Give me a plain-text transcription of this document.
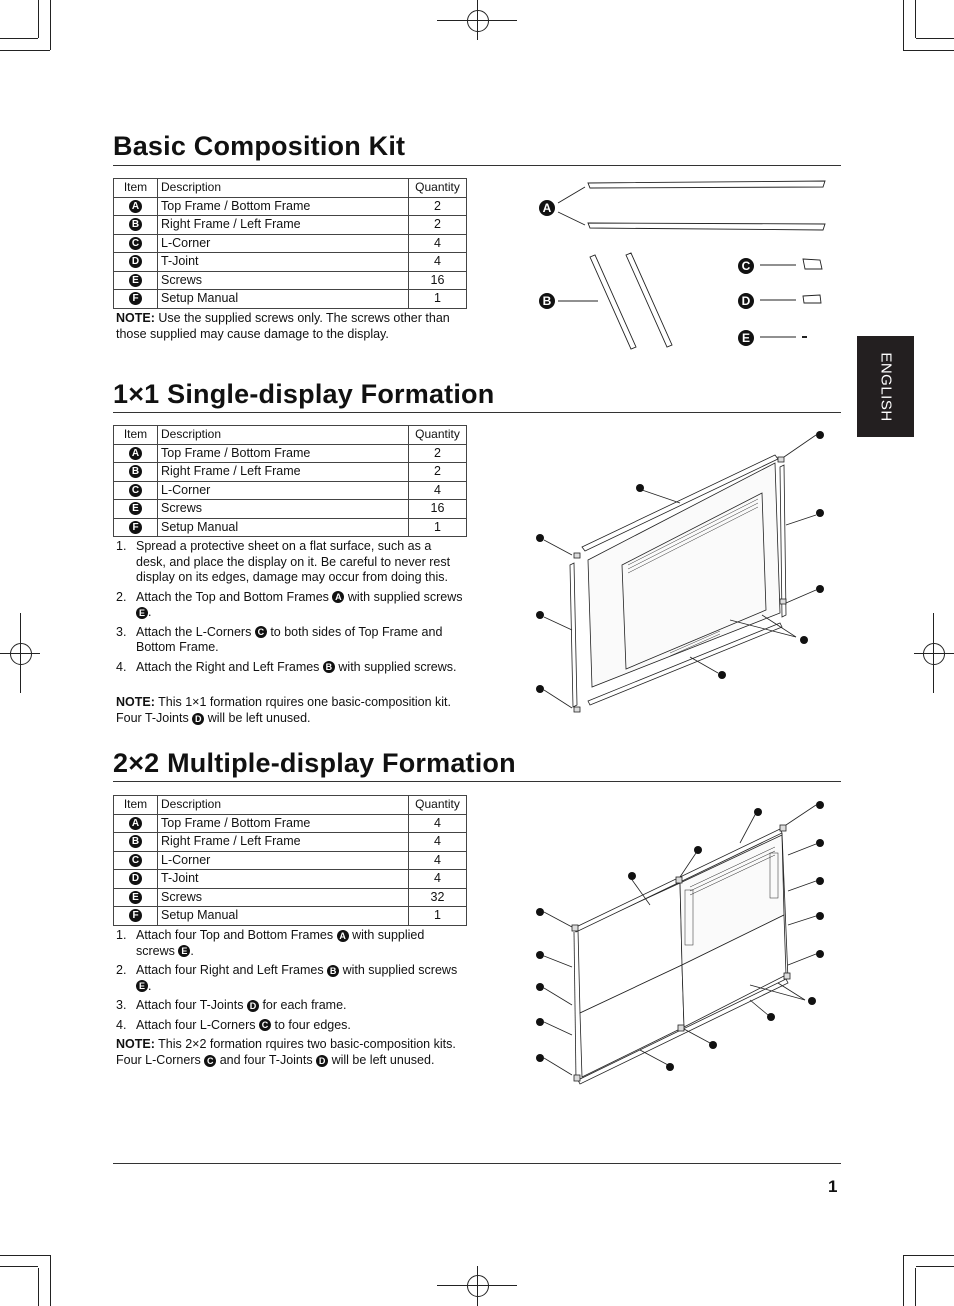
ENGLISH
Basic Composition Kit
Item	Description	Quantity
A	Top Frame / Bottom Frame	2
B	Right Frame / Left Frame	2
C	L-Corner	4
D	T-Joint	4
E	Screws	16
F	Setup Manual	1
NOTE: Use the supplied screws only. The screws other than those supplied may cause damage to the display.
A
B
C
D
E
1×1 Single-display Formation
Item	Description	Quantity
A	Top Frame / Bottom Frame	2
B	Right Frame / Left Frame	2
C	L-Corner	4
E	Screws	16
F	Setup Manual	1
1. Spread a protective sheet on a flat surface, such as a desk, and place the display on it. Be careful to never rest display on its edges, damage may occur from doing this.
2. Attach the Top and Bottom Frames A with supplied screws E .
3. Attach the L-Corners C to both sides of Top Frame and Bottom Frame.
4. Attach the Right and Left Frames B with supplied screws.
NOTE: This 1×1 formation rquires one basic-composition kit.
Four T-Joints D will be left unused.
2×2 Multiple-display Formation
Item	Description	Quantity
A	Top Frame / Bottom Frame	4
B	Right Frame / Left Frame	4
C	L-Corner	4
D	T-Joint	4
E	Screws	32
F	Setup Manual	1
1. Attach four Top and Bottom Frames A with supplied screws E .
2. Attach four Right and Left Frames B with supplied screws E .
3. Attach four T-Joints D for each frame.
4. Attach four L-Corners C to four edges.
NOTE: This 2×2 formation rquires two basic-composition kits.
Four L-Corners C and four T-Joints D will be left unused.
1
